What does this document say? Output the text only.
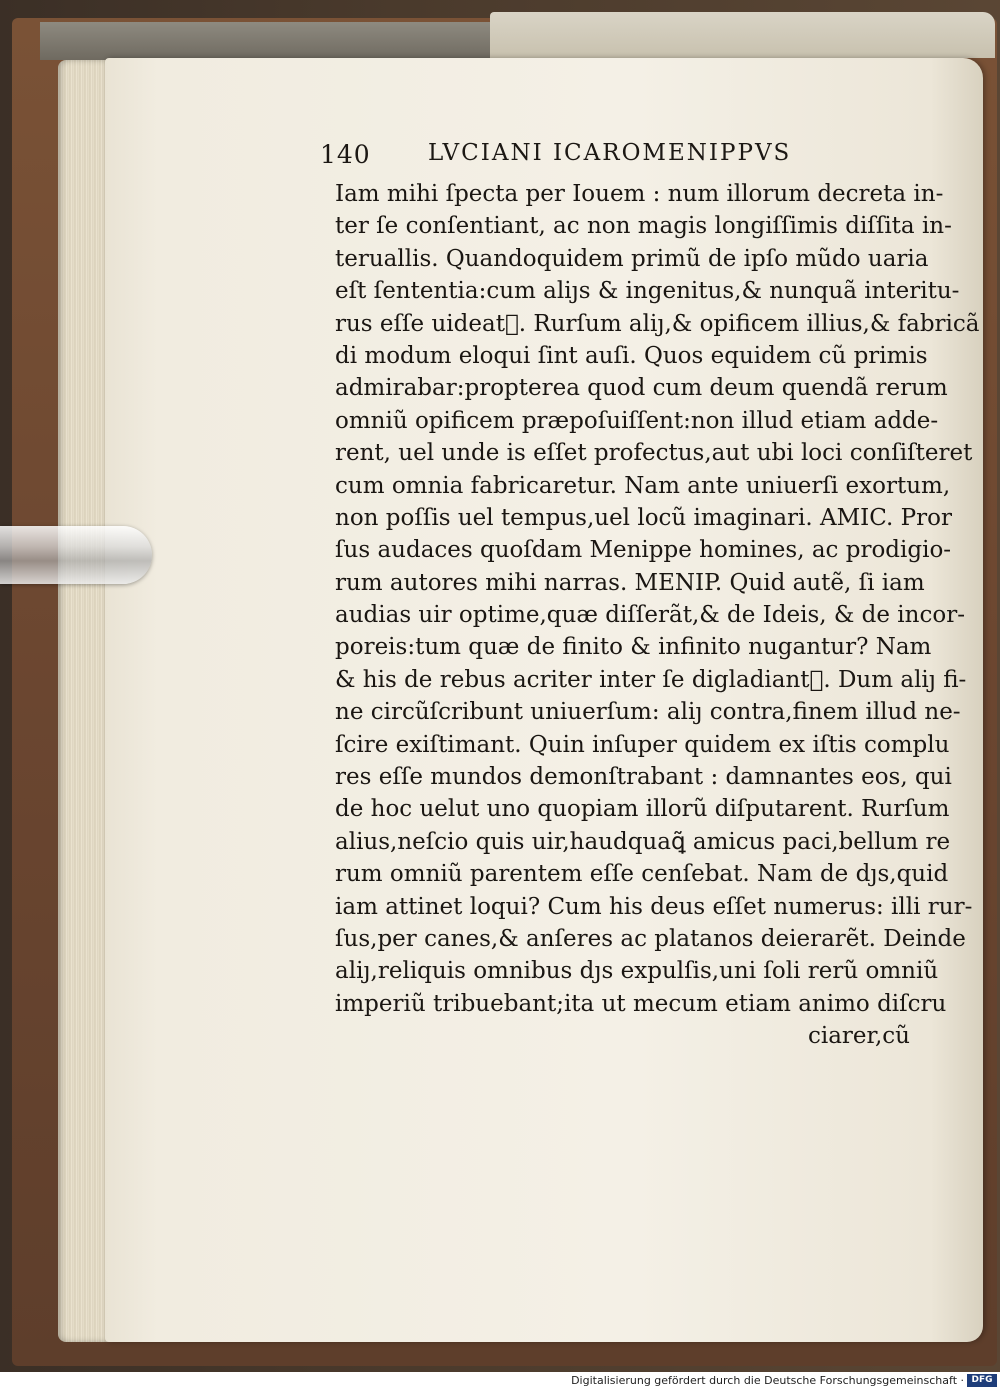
140 LVCIANI ICAROMENIPPVS
Iam mihi ſpecta per Iouem : num illorum decreta in-
ter ſe conſentiant, ac non magis longiſſimis diſſita in-
teruallis. Quandoquidem primũ de ipſo mũdo uaria
eſt ſententia:cum aliȷs & ingenitus,& nunquã interitu-
rus eſſe uideat᷑. Rurſum aliȷ,& opificem illius,& fabricã
di modum eloqui ſint auſi. Quos equidem cũ primis
admirabar:propterea quod cum deum quendã rerum
omniũ opificem præpoſuiſſent:non illud etiam adde-
rent, uel unde is eſſet profectus,aut ubi loci conſiſteret
cum omnia fabricaretur. Nam ante uniuerſi exortum,
non poſſis uel tempus,uel locũ imaginari. AMIC. Pror
ſus audaces quoſdam Menippe homines, ac prodigio-
rum autores mihi narras. MENIP. Quid autẽ, ſi iam
audias uir optime,quæ diſſerãt,& de Ideis, & de incor-
poreis:tum quæ de finito & infinito nugantur? Nam
& his de rebus acriter inter ſe digladiant᷑. Dum aliȷ fi-
ne circũſcribunt uniuerſum: aliȷ contra,finem illud ne-
ſcire exiſtimant. Quin inſuper quidem ex iſtis complu
res eſſe mundos demonſtrabant : damnantes eos, qui
de hoc uelut uno quopiam illorũ diſputarent. Rurſum
alius,neſcio quis uir,haudquaꝗ̃ amicus paci,bellum re
rum omniũ parentem eſſe cenſebat. Nam de dȷs,quid
iam attinet loqui? Cum his deus eſſet numerus: illi rur-
ſus,per canes,& anſeres ac platanos deierarẽt. Deinde
aliȷ,reliquis omnibus dȷs expulſis,uni ſoli rerũ omniũ
imperiũ tribuebant;ita ut mecum etiam animo diſcru
ciarer,cũ
Digitalisierung gefördert durch die Deutsche Forschungsgemeinschaft · DFG
